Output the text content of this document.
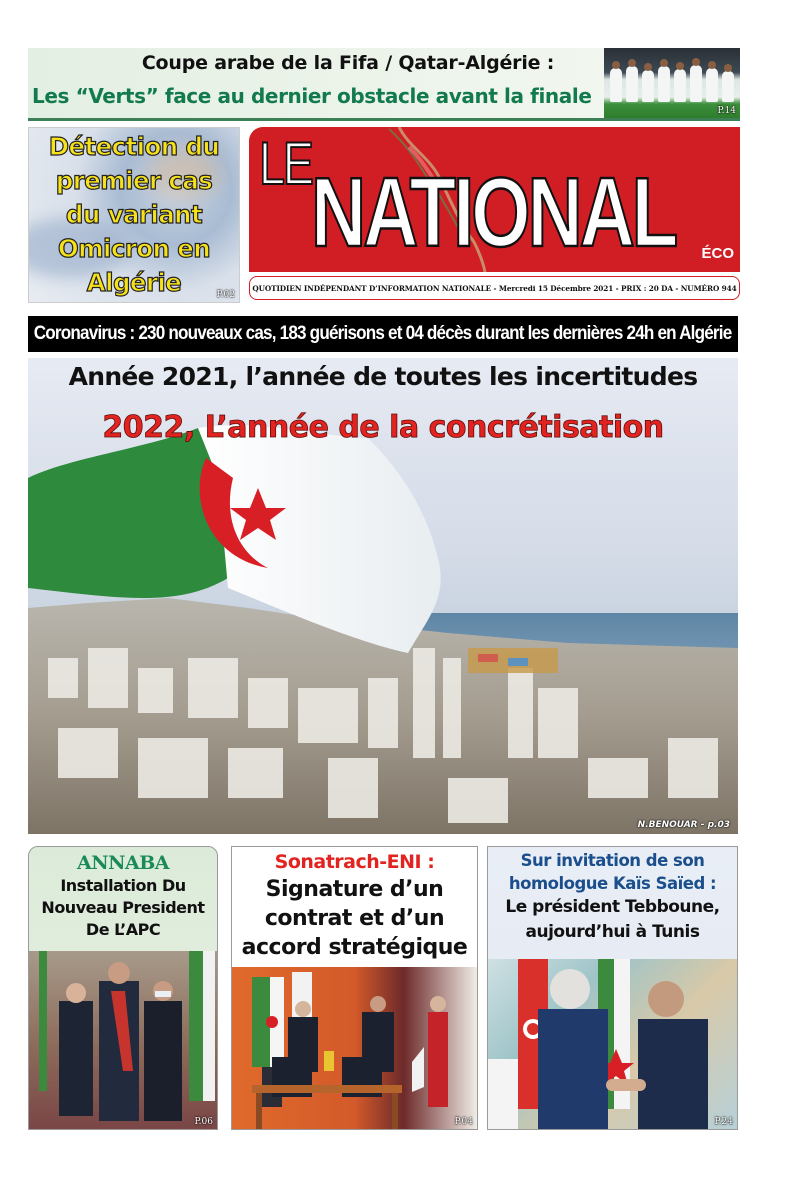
Coupe arabe de la Fifa / Qatar-Algérie :
Les “Verts” face au dernier obstacle avant la finale
P.14
Détection du
premier cas
du variant
Omicron en
Algérie	P.02
LE NATIONAL ÉCO
QUOTIDIEN INDÉPENDANT D’INFORMATION NATIONALE - Mercredi 15 Décembre 2021 - PRIX : 20 DA - NUMÉRO 944
Coronavirus : 230 nouveaux cas, 183 guérisons et 04 décès durant les dernières 24h en Algérie
Année 2021, l’année de toutes les incertitudes
2022, L’année de la concrétisation
N.BENOUAR - p.03
ANNABA
Installation Du
Nouveau President
De L’APC
P.06
Sonatrach-ENI :
Signature d’un
contrat et d’un
accord stratégique
P.04
Sur invitation de son
homologue Kaïs Saïed :
Le président Tebboune,
aujourd’hui à Tunis
P.24
